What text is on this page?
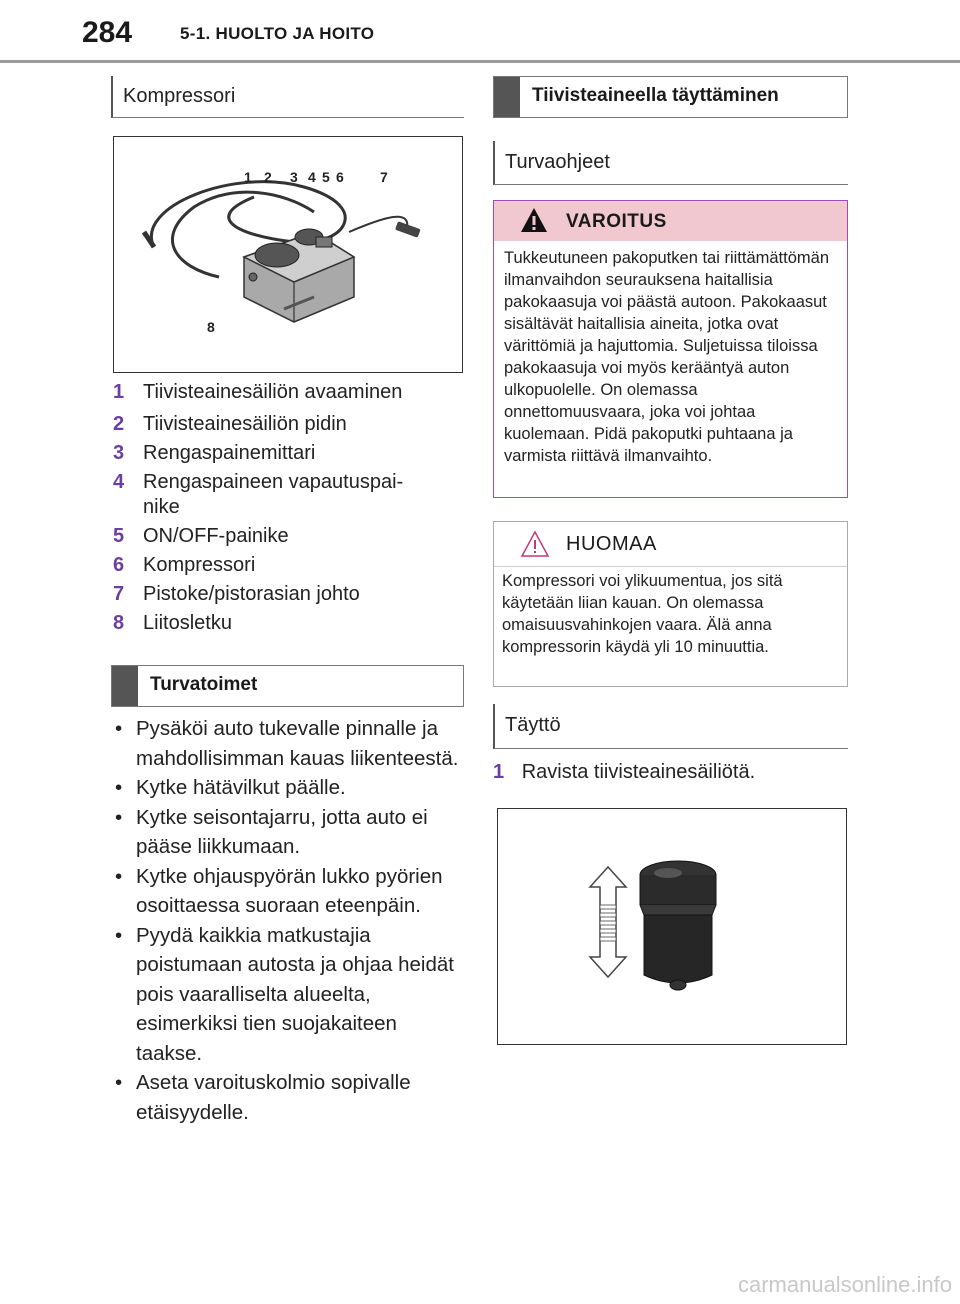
284	5-1. HUOLTO JA HOITO
Kompressori
1 2 3 4 5 6	7
8
1 Tiivisteainesäiliön avaaminen
2 Tiivisteainesäiliön pidin
3 Rengaspainemittari
4 Rengaspaineen vapautuspai-
nike
5 ON/OFF-painike
6 Kompressori
7 Pistoke/pistorasian johto
8 Liitosletku
Turvatoimet
• Pysäköi auto tukevalle pinnalle ja mahdollisimman kauas liikenteestä.
• Kytke hätävilkut päälle.
• Kytke seisontajarru, jotta auto ei pääse liikkumaan.
• Kytke ohjauspyörän lukko pyörien osoittaessa suoraan eteenpäin.
• Pyydä kaikkia matkustajia poistumaan autosta ja ohjaa heidät pois vaaralliselta alueelta, esimerkiksi tien suojakaiteen taakse.
• Aseta varoituskolmio sopivalle etäisyydelle.
Tiivisteaineella täyttäminen
Turvaohjeet
VAROITUS
Tukkeutuneen pakoputken tai riittämättömän ilmanvaihdon seurauksena haitallisia pakokaasuja voi päästä autoon. Pakokaasut sisältävät haitallisia aineita, jotka ovat värittömiä ja hajuttomia. Suljetuissa tiloissa pakokaasuja voi myös kerääntyä auton ulkopuolelle. On olemassa onnettomuusvaara, joka voi johtaa kuolemaan. Pidä pakoputki puhtaana ja varmista riittävä ilmanvaihto.
HUOMAA
Kompressori voi ylikuumentua, jos sitä käytetään liian kauan. On olemassa omaisuusvahinkojen vaara. Älä anna kompressorin käydä yli 10 minuuttia.
Täyttö
1 Ravista tiivisteainesäiliötä.
carmanualsonline.info
